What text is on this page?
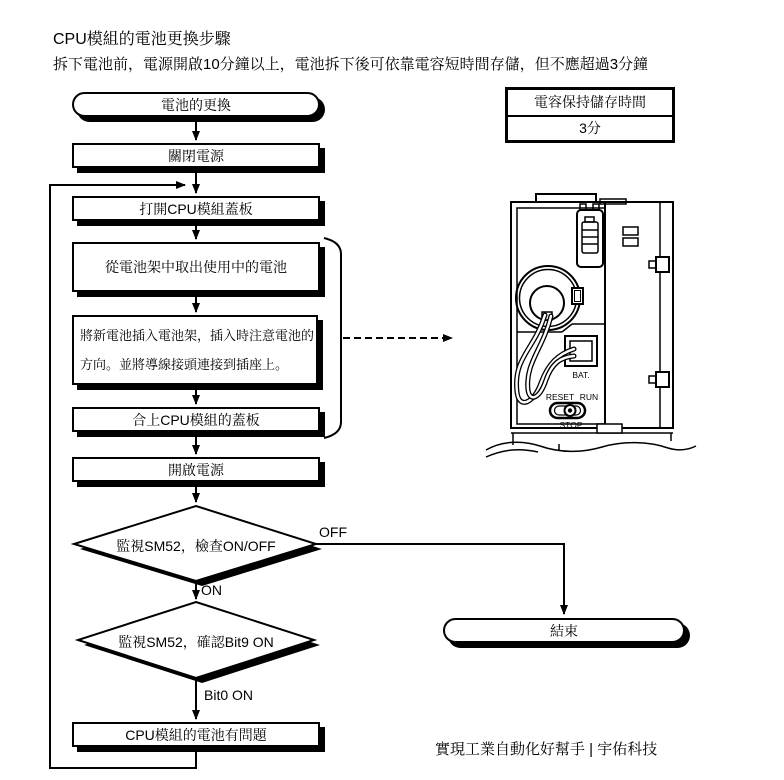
BAT.
RESET RUN
STOP
CPU模組的電池更換步驟
拆下電池前，電源開啟10分鐘以上，電池拆下後可依靠電容短時間存儲，但不應超過3分鐘
電容保持儲存時間
3分
電池的更換
關閉電源
打開CPU模組蓋板
從電池架中取出使用中的電池
將新電池插入電池架，插入時注意電池的
方向。並將導線接頭連接到插座上。
合上CPU模組的蓋板
開啟電源
監視SM52，檢查ON/OFF
OFF
ON
監視SM52，確認Bit9 ON
Bit0 ON
CPU模組的電池有問題
結束
實現工業自動化好幫手 | 宇佑科技
